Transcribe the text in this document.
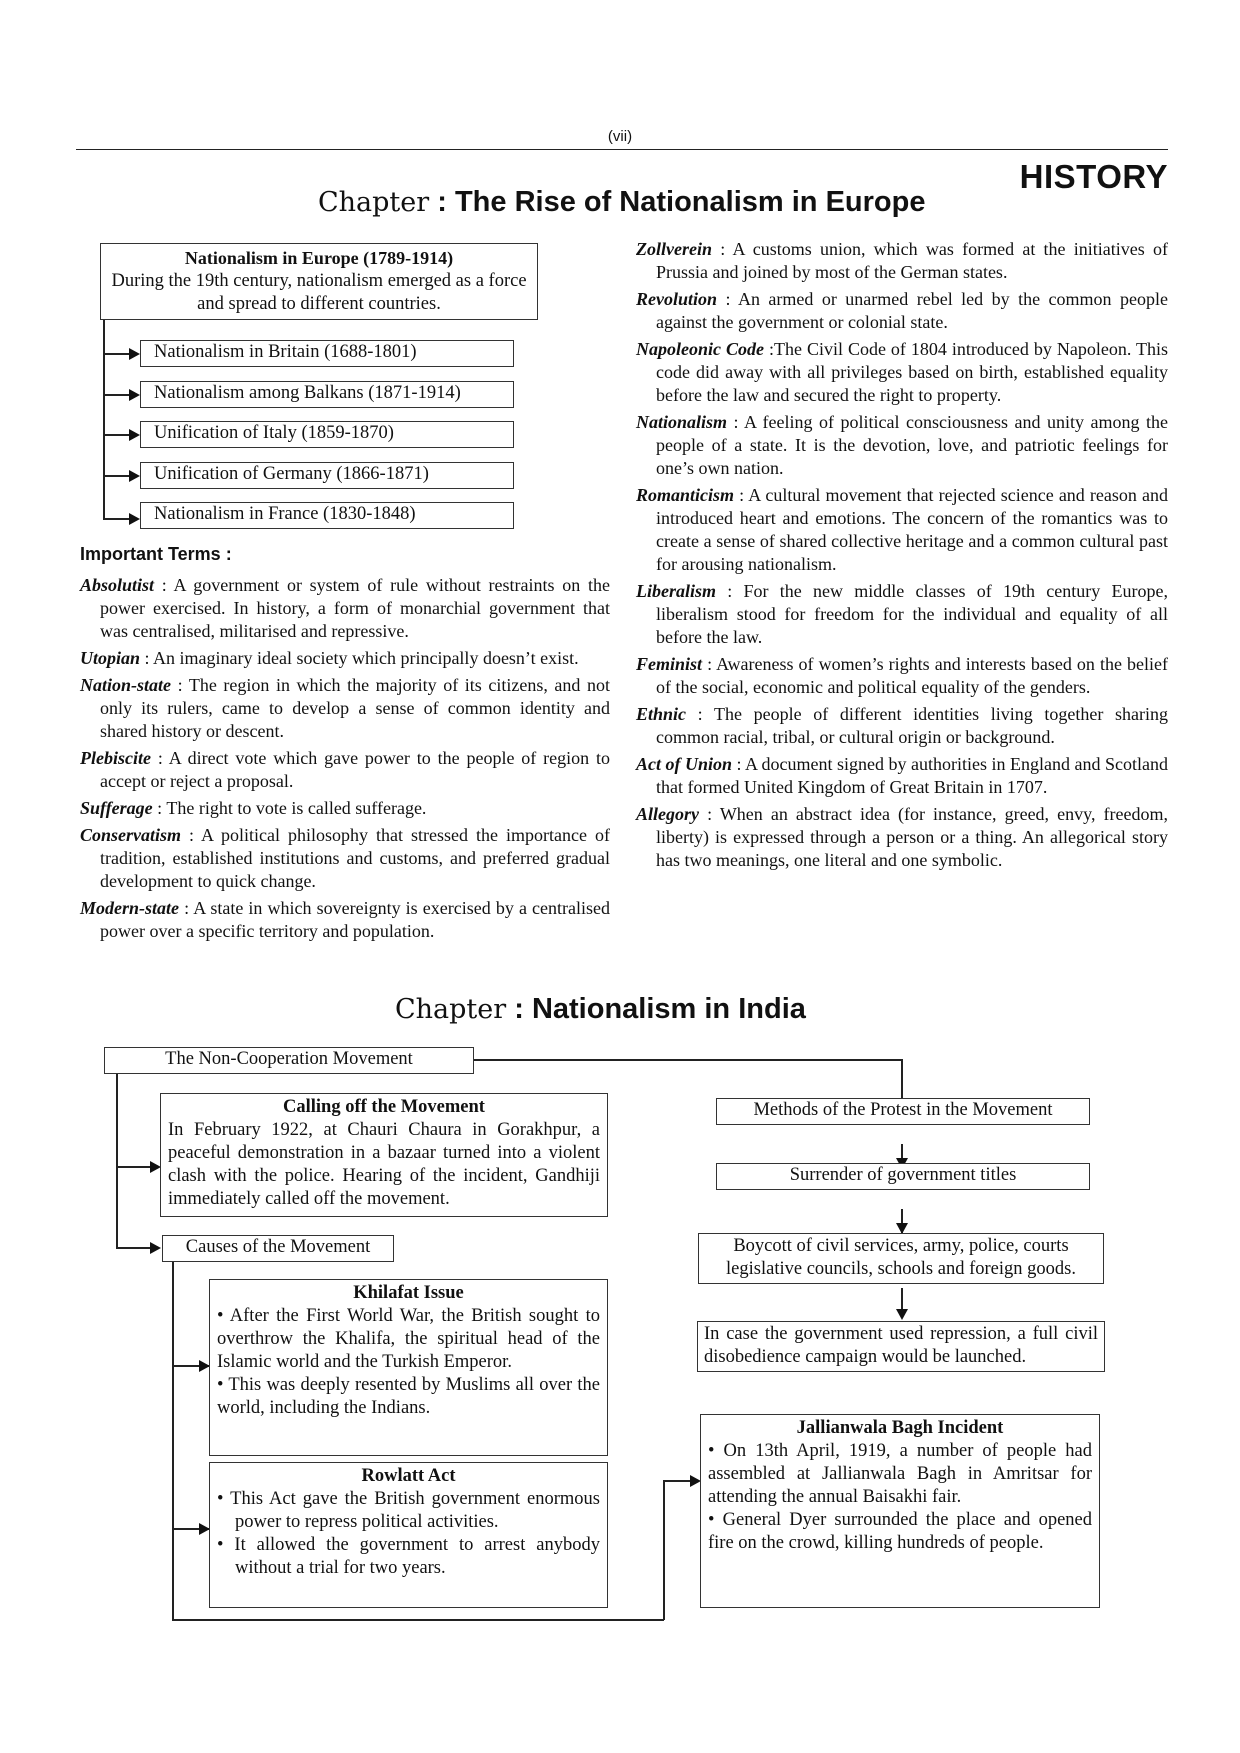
(vii)
HISTORY
Chapter : The Rise of Nationalism in Europe
Nationalism in Europe (1789-1914)
During the 19th century, nationalism emerged as a force and spread to different countries.
Nationalism in Britain (1688-1801)
Nationalism among Balkans (1871-1914)
Unification of Italy (1859-1870)
Unification of Germany (1866-1871)
Nationalism in France (1830-1848)
Important Terms :

Absolutist : A government or system of rule without restraints on the power exercised. In history, a form of monarchial government that was centralised, militarised and repressive.

Utopian : An imaginary ideal society which principally doesn’t exist.

Nation-state : The region in which the majority of its citizens, and not only its rulers, came to develop a sense of common identity and shared history or descent.

Plebiscite : A direct vote which gave power to the people of region to accept or reject a proposal.

Sufferage : The right to vote is called sufferage.

Conservatism : A political philosophy that stressed the importance of tradition, established institutions and customs, and preferred gradual development to quick change.

Modern-state : A state in which sovereignty is exercised by a centralised power over a specific territory and population.

Zollverein : A customs union, which was formed at the initiatives of Prussia and joined by most of the German states.

Revolution : An armed or unarmed rebel led by the common people against the government or colonial state.

Napoleonic Code :The Civil Code of 1804 introduced by Napoleon. This code did away with all privileges based on birth, established equality before the law and secured the right to property.

Nationalism : A feeling of political consciousness and unity among the people of a state. It is the devotion, love, and patriotic feelings for one’s own nation.

Romanticism : A cultural movement that rejected science and reason and introduced heart and emotions. The concern of the romantics was to create a sense of shared collective heritage and a common cultural past for arousing nationalism.

Liberalism : For the new middle classes of 19th century Europe, liberalism stood for freedom for the individual and equality of all before the law.

Feminist : Awareness of women’s rights and interests based on the belief of the social, economic and political equality of the genders.

Ethnic : The people of different identities living together sharing common racial, tribal, or cultural origin or background.

Act of Union : A document signed by authorities in England and Scotland that formed United Kingdom of Great Britain in 1707.

Allegory : When an abstract idea (for instance, greed, envy, freedom, liberty) is expressed through a person or a thing. An allegorical story has two meanings, one literal and one symbolic.

Chapter : Nationalism in India
The Non-Cooperation Movement
Calling off the Movement
In February 1922, at Chauri Chaura in Gorakhpur, a peaceful demonstration in a bazaar turned into a violent clash with the police. Hearing of the incident, Gandhiji immediately called off the movement.
Causes of the Movement
Khilafat Issue
• After the First World War, the British sought to overthrow the Khalifa, the spiritual head of the Islamic world and the Turkish Emperor.
• This was deeply resented by Muslims all over the world, including the Indians.
Rowlatt Act
• This Act gave the British government enormous power to repress political activities.
• It allowed the government to arrest anybody without a trial for two years.
Methods of the Protest in the Movement
Surrender of government titles
Boycott of civil services, army, police, courts legislative councils, schools and foreign goods.
In case the government used repression, a full civil disobedience campaign would be launched.
Jallianwala Bagh Incident
• On 13th April, 1919, a number of people had assembled at Jallianwala Bagh in Amritsar for attending the annual Baisakhi fair.
• General Dyer surrounded the place and opened fire on the crowd, killing hundreds of people.
